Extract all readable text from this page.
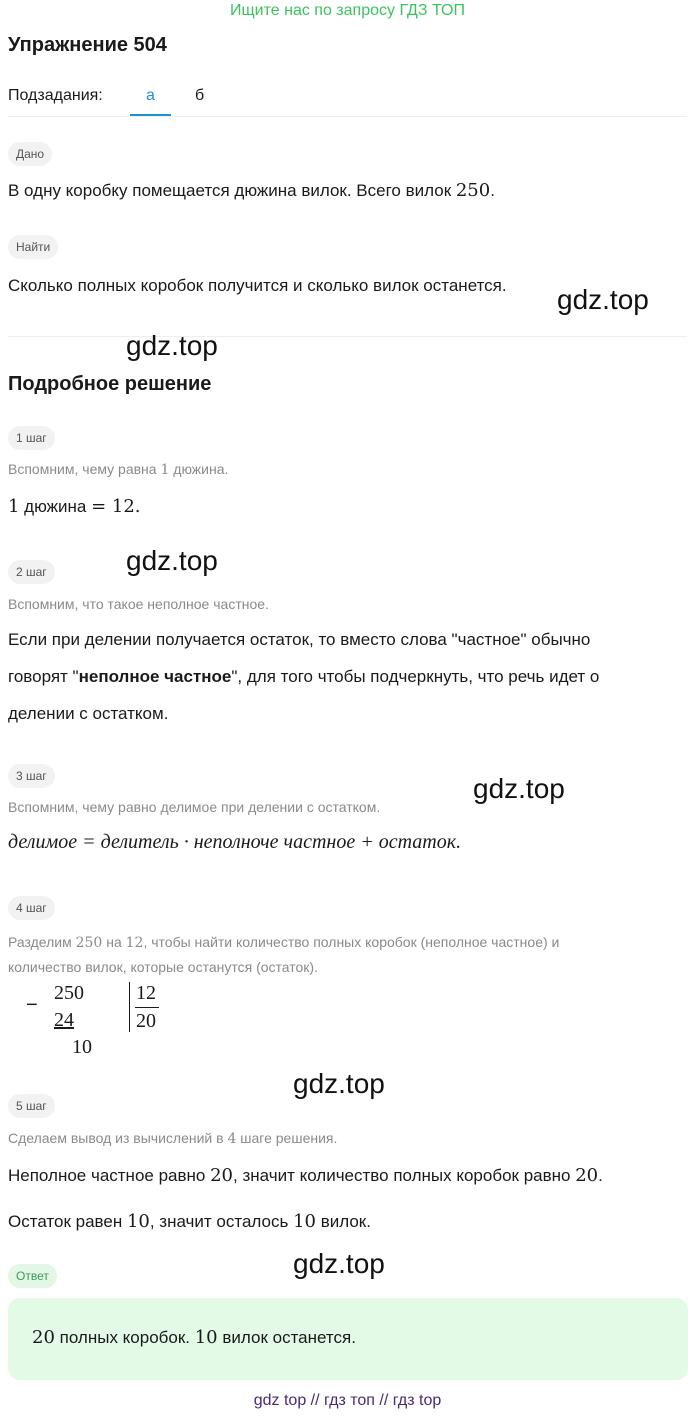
Ищите нас по запросу ГДЗ ТОП
Упражнение 504
Подзадания:	а	б
Дано
В одну коробку помещается дюжина вилок. Всего вилок 250.
Найти
Сколько полных коробок получится и сколько вилок останется. gdz.top
gdz.top
Подробное решение
1 шаг
Вспомним, чему равна 1 дюжина.
1 дюжина = 12.
gdz.top
2 шаг
Вспомним, что такое неполное частное.
Если при делении получается остаток, то вместо слова "частное" обычно
говорят "неполное частное", для того чтобы подчеркнуть, что речь идет о
делении с остатком.
3 шаг
Вспомним, чему равно делимое при делении с остатком.
gdz.top
делимое = делитель · неполноче частное + остаток.
4 шаг
Разделим 250 на 12, чтобы найти количество полных коробок (неполное частное) и
количество вилок, которые останутся (остаток).
−
250
24
10
12
20
gdz.top
5 шаг
Сделаем вывод из вычислений в 4 шаге решения.
Неполное частное равно 20, значит количество полных коробок равно 20.
Остаток равен 10, значит осталось 10 вилок.
gdz.top
Ответ
20 полных коробок. 10 вилок останется.
gdz top // гдз топ // гдз top
